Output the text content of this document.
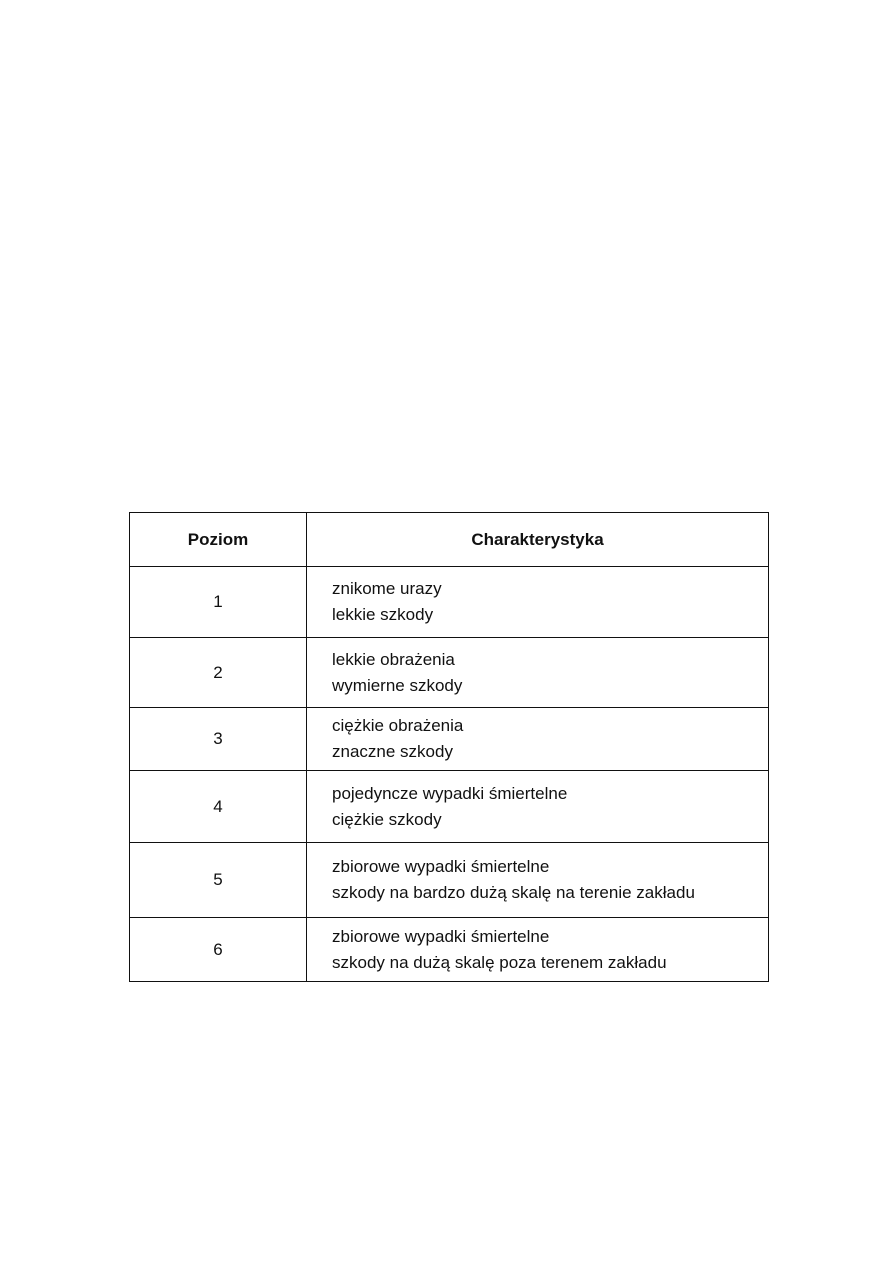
Poziom	Charakterystyka
1	znikome urazy
lekkie szkody

2	lekkie obrażenia
wymierne szkody

3	ciężkie obrażenia
znaczne szkody

4	pojedyncze wypadki śmiertelne
ciężkie szkody

5	zbiorowe wypadki śmiertelne
szkody na bardzo dużą skalę na terenie zakładu

6	zbiorowe wypadki śmiertelne
szkody na dużą skalę poza terenem zakładu
